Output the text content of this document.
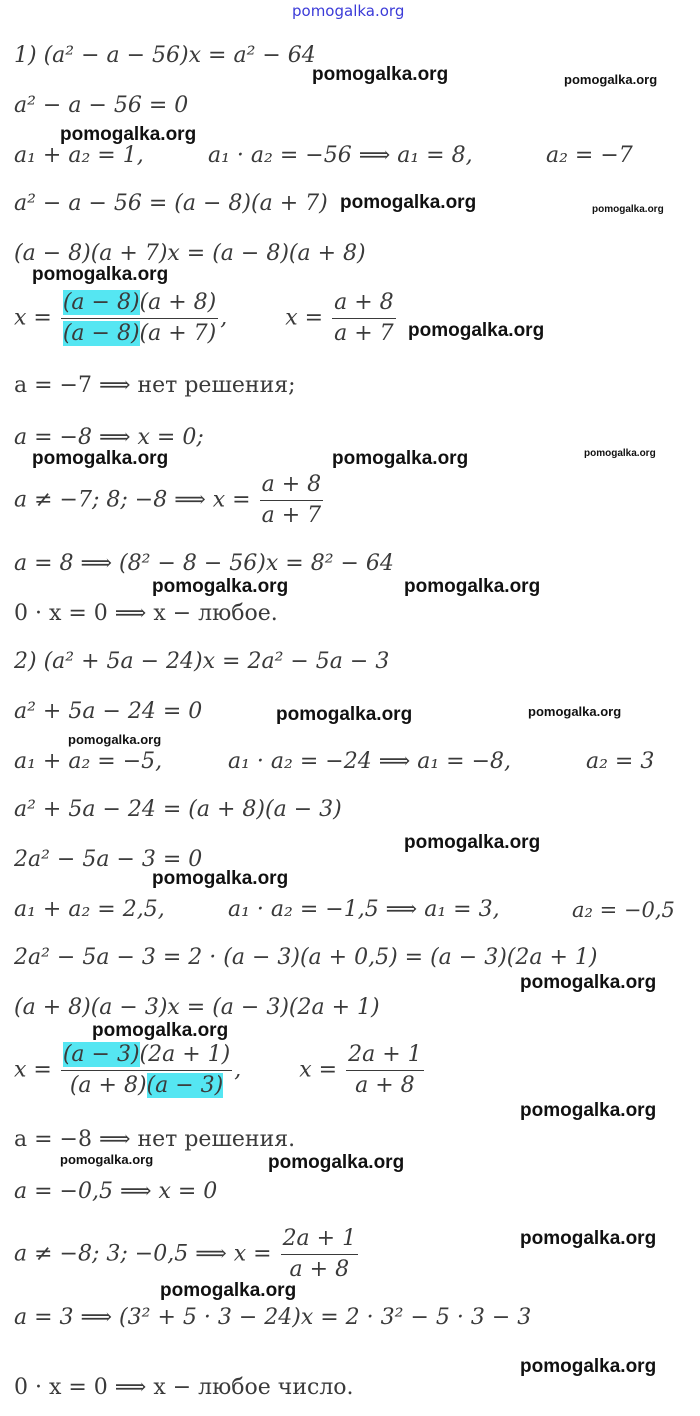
pomogalka.org
1) (a² − a − 56)x = a² − 64
a² − a − 56 = 0
a₁ + a₂ = 1,	a₁ · a₂ = −56 ⟹ a₁ = 8,	a₂ = −7
a² − a − 56 = (a − 8)(a + 7)
(a − 8)(a + 7)x = (a − 8)(a + 8)
$x = \frac{(a - 8)(a + 8)}{(a - 8)(a + 7)}$ ,	$x = \frac{a + 8}{a + 7}$
a = −7 ⟹ нет решения;
a = −8 ⟹ x = 0;
a ≠ −7; 8; −8 ⟹ $x = \frac{a + 8}{a + 7}$
a = 8 ⟹ (8² − 8 − 56)x = 8² − 64
0 · x = 0 ⟹ x − любое.
2) (a² + 5a − 24)x = 2a² − 5a − 3
a² + 5a − 24 = 0
a₁ + a₂ = −5,	a₁ · a₂ = −24 ⟹ a₁ = −8,	a₂ = 3
a² + 5a − 24 = (a + 8)(a − 3)
2a² − 5a − 3 = 0
a₁ + a₂ = 2,5,	a₁ · a₂ = −1,5 ⟹ a₁ = 3,	a₂ = −0,5
2a² − 5a − 3 = 2 · (a − 3)(a + 0,5) = (a − 3)(2a + 1)
(a + 8)(a − 3)x = (a − 3)(2a + 1)
$x = \frac{(a - 3)(2a + 1)}{(a + 8)(a - 3)}$ ,	$x = \frac{2a + 1}{a + 8}$
a = −8 ⟹ нет решения.
a = −0,5 ⟹ x = 0
a ≠ −8; 3; −0,5 ⟹ $x = \frac{2a + 1}{a + 8}$
a = 3 ⟹ (3² + 5 · 3 − 24)x = 2 · 3² − 5 · 3 − 3
0 · x = 0 ⟹ x − любое число.
pomogalka.org	pomogalka.org
pomogalka.org
pomogalka.org	pomogalka.org
pomogalka.org
pomogalka.org
pomogalka.org	pomogalka.org	pomogalka.org
pomogalka.org	pomogalka.org
pomogalka.org	pomogalka.org
pomogalka.org
pomogalka.org
pomogalka.org
pomogalka.org
pomogalka.org
pomogalka.org
pomogalka.org	pomogalka.org
pomogalka.org
pomogalka.org
pomogalka.org
